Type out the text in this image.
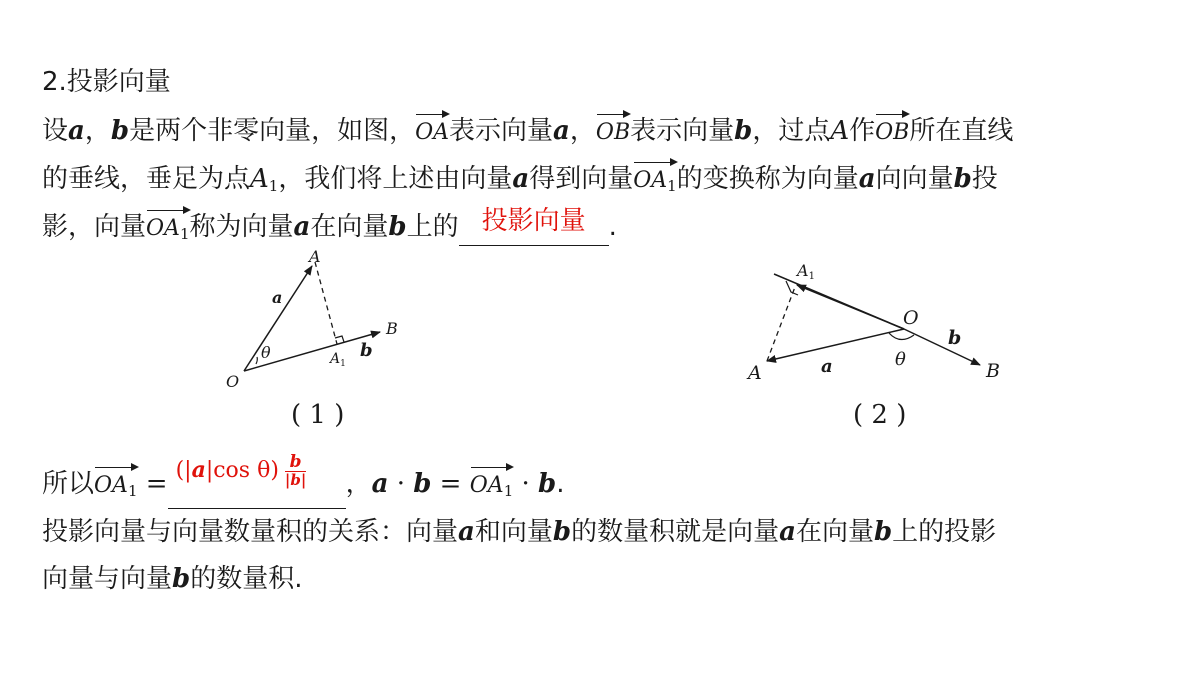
2.投影向量
设a，b是两个非零向量，如图，OA表示向量a，OB表示向量b，过点A作OB所在直线
的垂线，垂足为点$A_1$，我们将上述由向量a得到向量$OA_1$的变换称为向量a向向量b投
影，向量$OA_1$称为向量a在向量b上的 投影向量 .
A
a
θ
O
$A_1$
b
B
( 1 )
A1
O
b
B
a	θ
A
( 2 )
所以$OA_1 = (|a|\cos$ $\theta) \frac{b}{|b|}$ ，$a \cdot b = OA_1 \cdot b$.
投影向量与向量数量积的关系：向量a和向量b的数量积就是向量a在向量b上的投影
向量与向量b的数量积.
